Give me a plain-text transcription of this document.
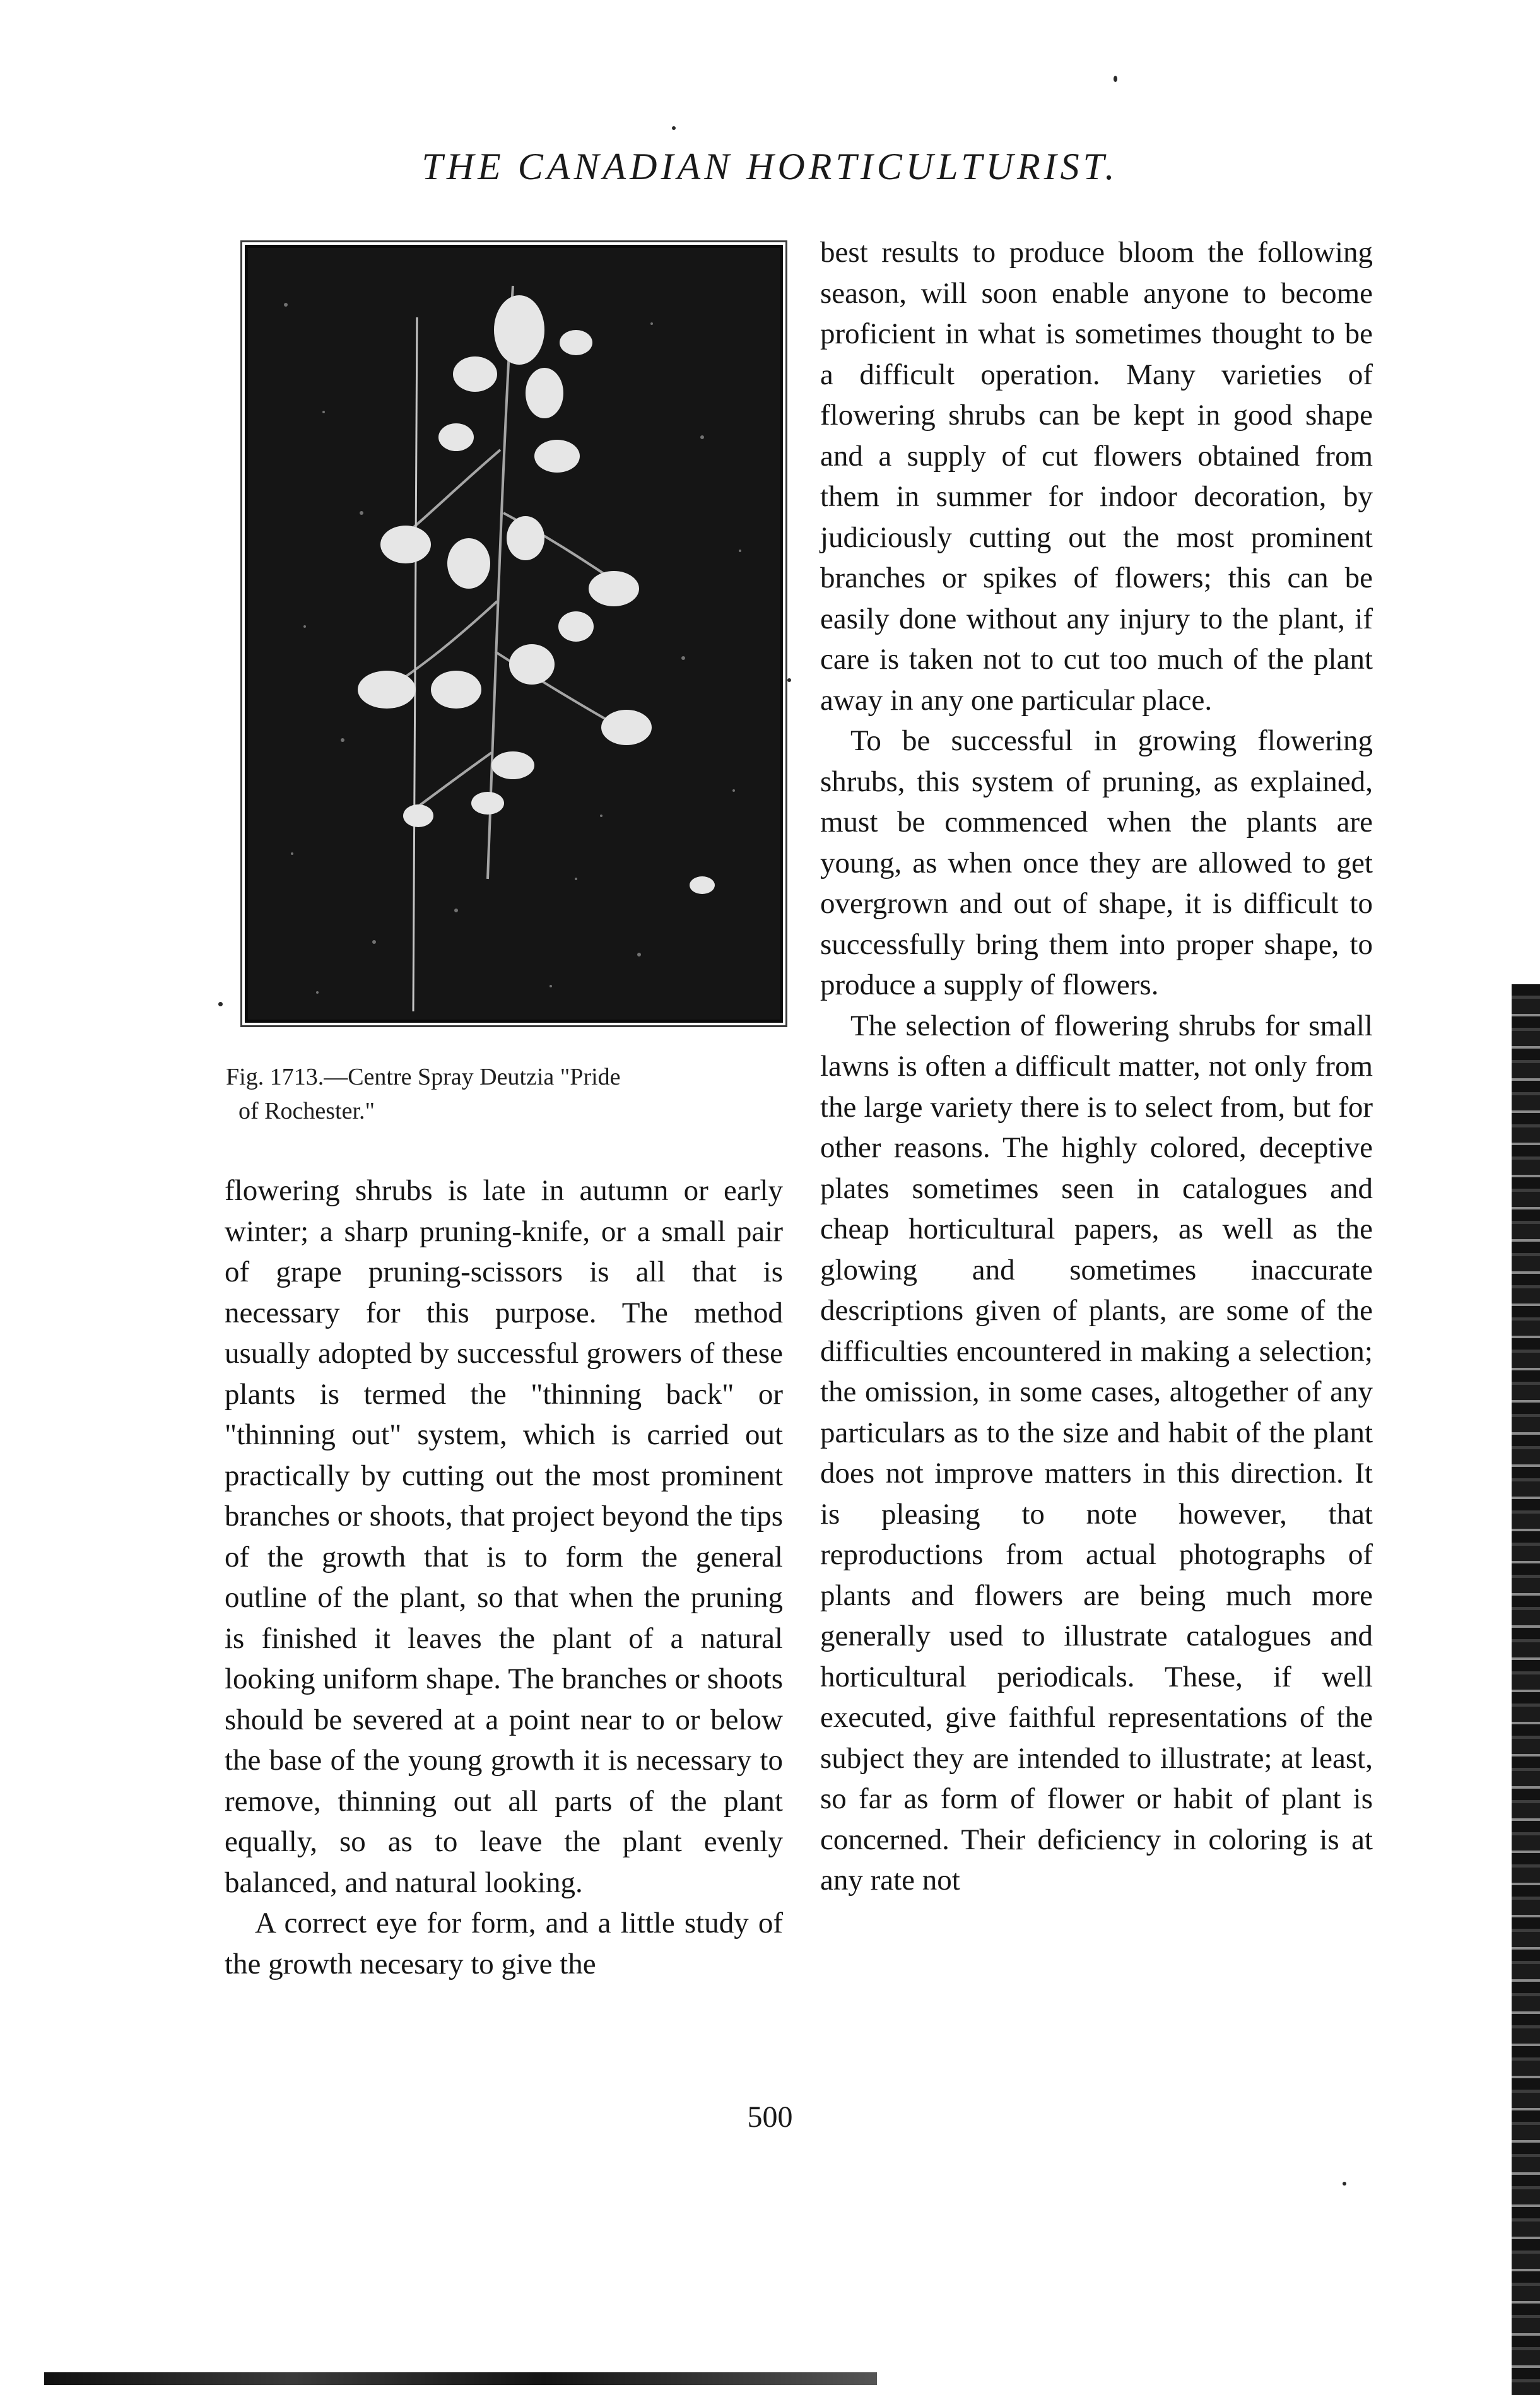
THE CANADIAN HORTICULTURIST.
Fig. 1713.—Centre Spray Deutzia "Pride
of Rochester."

best results to produce bloom the following season, will soon enable anyone to become proficient in what is sometimes thought to be a difficult operation. Many varieties of flowering shrubs can be kept in good shape and a supply of cut flowers obtained from them in summer for indoor decoration, by judiciously cutting out the most prominent branches or spikes of flowers; this can be easily done without any injury to the plant, if care is taken not to cut too much of the plant away in any one particular place.

To be successful in growing flowering shrubs, this system of pruning, as explained, must be commenced when the plants are young, as when once they are allowed to get overgrown and out of shape, it is difficult to successfully bring them into proper shape, to produce a supply of flowers.

The selection of flowering shrubs for small lawns is often a difficult matter, not only from the large variety there is to select from, but for other reasons. The highly colored, deceptive plates sometimes seen in catalogues and cheap horticultural papers, as well as the glowing and sometimes inaccurate descriptions given of plants, are some of the difficulties encountered in making a selection; the omission, in some cases, altogether of any particulars as to the size and habit of the plant does not improve matters in this direction. It is pleasing to note however, that reproductions from actual photographs of plants and flowers are being much more generally used to illustrate catalogues and horticultural periodicals. These, if well executed, give faithful representations of the subject they are intended to illustrate; at least, so far as form of flower or habit of plant is concerned. Their deficiency in coloring is at any rate not

flowering shrubs is late in autumn or early winter; a sharp pruning-knife, or a small pair of grape pruning-scissors is all that is necessary for this purpose. The method usually adopted by successful growers of these plants is termed the "thinning back" or "thinning out" system, which is carried out practically by cutting out the most prominent branches or shoots, that project beyond the tips of the growth that is to form the general outline of the plant, so that when the pruning is finished it leaves the plant of a natural looking uniform shape. The branches or shoots should be severed at a point near to or below the base of the young growth it is necessary to remove, thinning out all parts of the plant equally, so as to leave the plant evenly balanced, and natural looking.

A correct eye for form, and a little study of the growth necesary to give the

500
